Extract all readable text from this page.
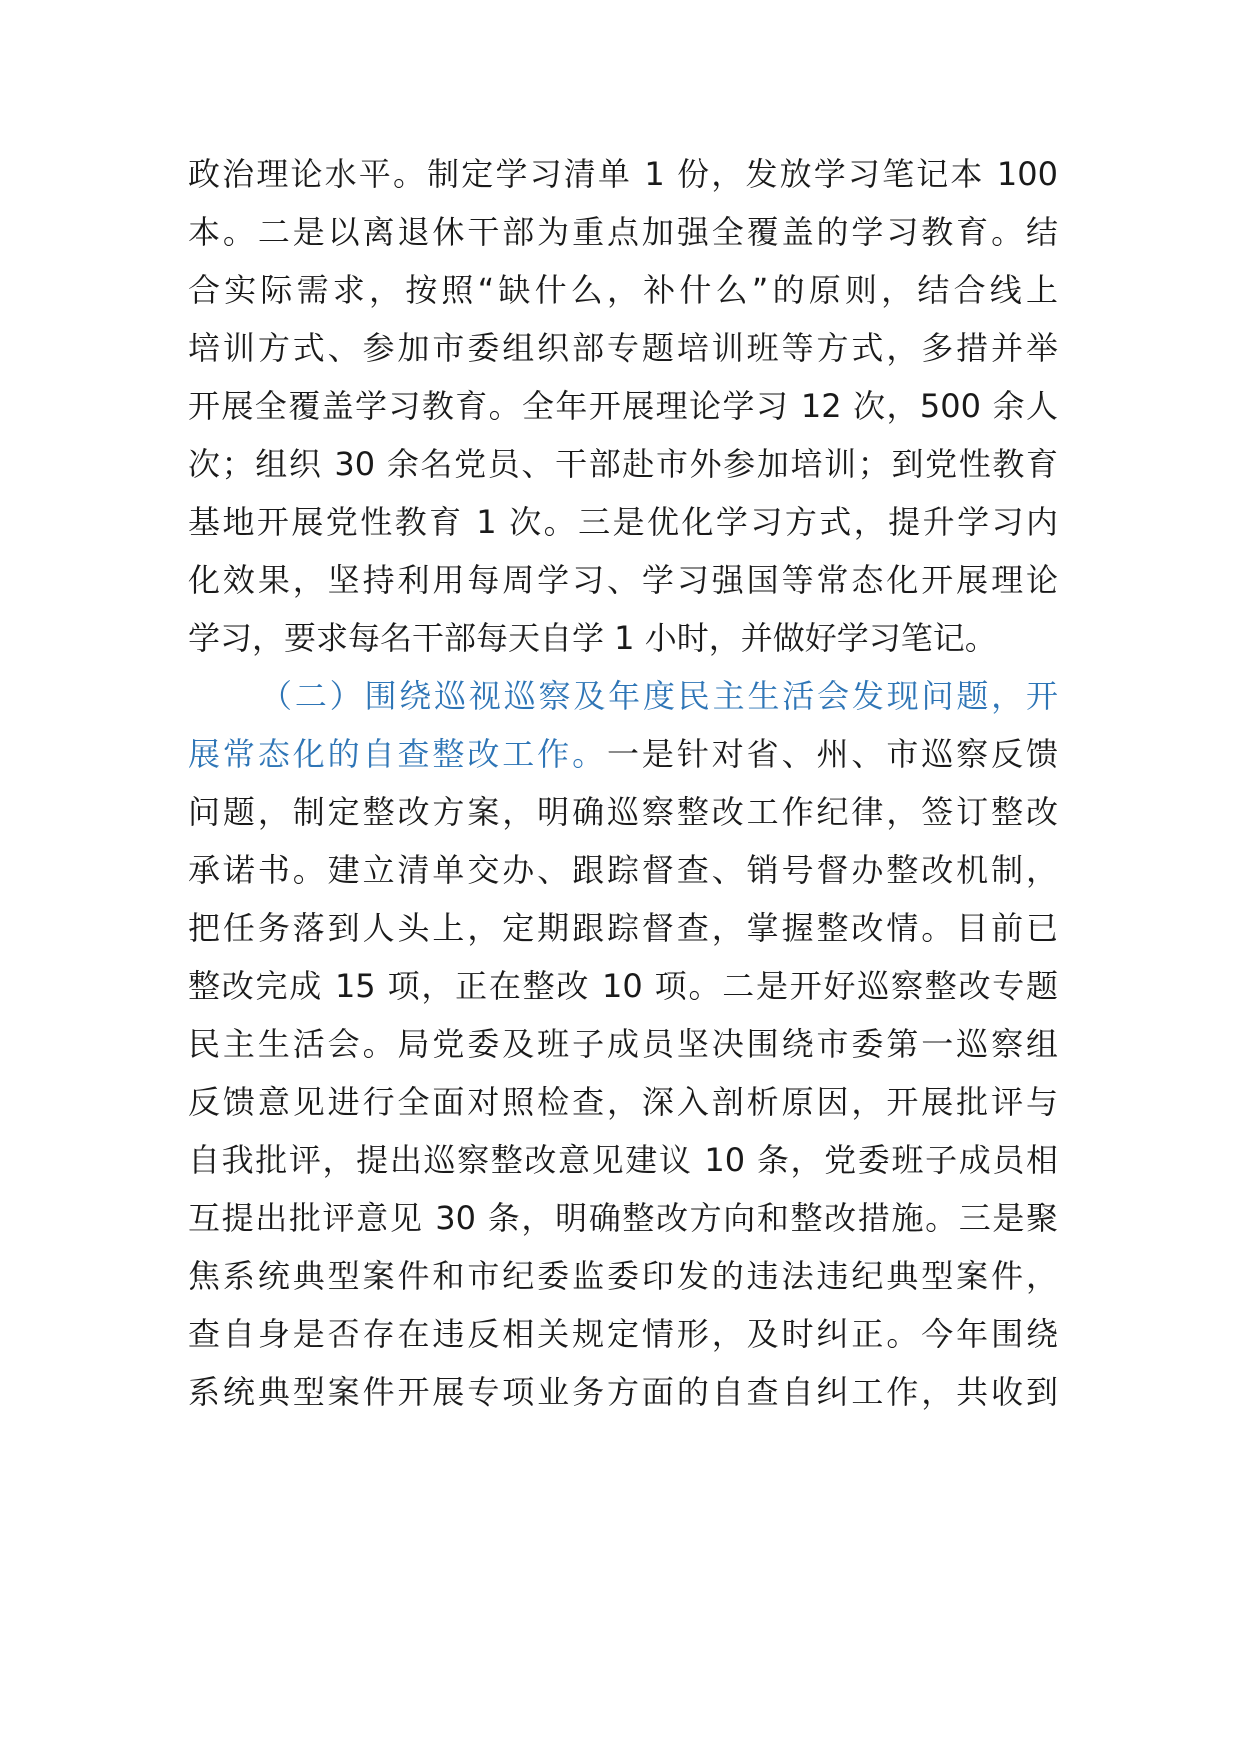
政治理论水平。制定学习清单 1 份，发放学习笔记本 100
本。二是以离退休干部为重点加强全覆盖的学习教育。结
合实际需求，按照“缺什么，补什么”的原则，结合线上
培训方式、参加市委组织部专题培训班等方式，多措并举
开展全覆盖学习教育。全年开展理论学习 12 次，500 余人
次；组织 30 余名党员、干部赴市外参加培训；到党性教育
基地开展党性教育 1 次。三是优化学习方式，提升学习内
化效果，坚持利用每周学习、学习强国等常态化开展理论
学习，要求每名干部每天自学 1 小时，并做好学习笔记。
（二）围绕巡视巡察及年度民主生活会发现问题，开
展常态化的自查整改工作。一是针对省、州、市巡察反馈
问题，制定整改方案，明确巡察整改工作纪律，签订整改
承诺书。建立清单交办、跟踪督查、销号督办整改机制，
把任务落到人头上，定期跟踪督查，掌握整改情。目前已
整改完成 15 项，正在整改 10 项。二是开好巡察整改专题
民主生活会。局党委及班子成员坚决围绕市委第一巡察组
反馈意见进行全面对照检查，深入剖析原因，开展批评与
自我批评，提出巡察整改意见建议 10 条，党委班子成员相
互提出批评意见 30 条，明确整改方向和整改措施。三是聚
焦系统典型案件和市纪委监委印发的违法违纪典型案件，
查自身是否存在违反相关规定情形，及时纠正。今年围绕
系统典型案件开展专项业务方面的自查自纠工作，共收到
